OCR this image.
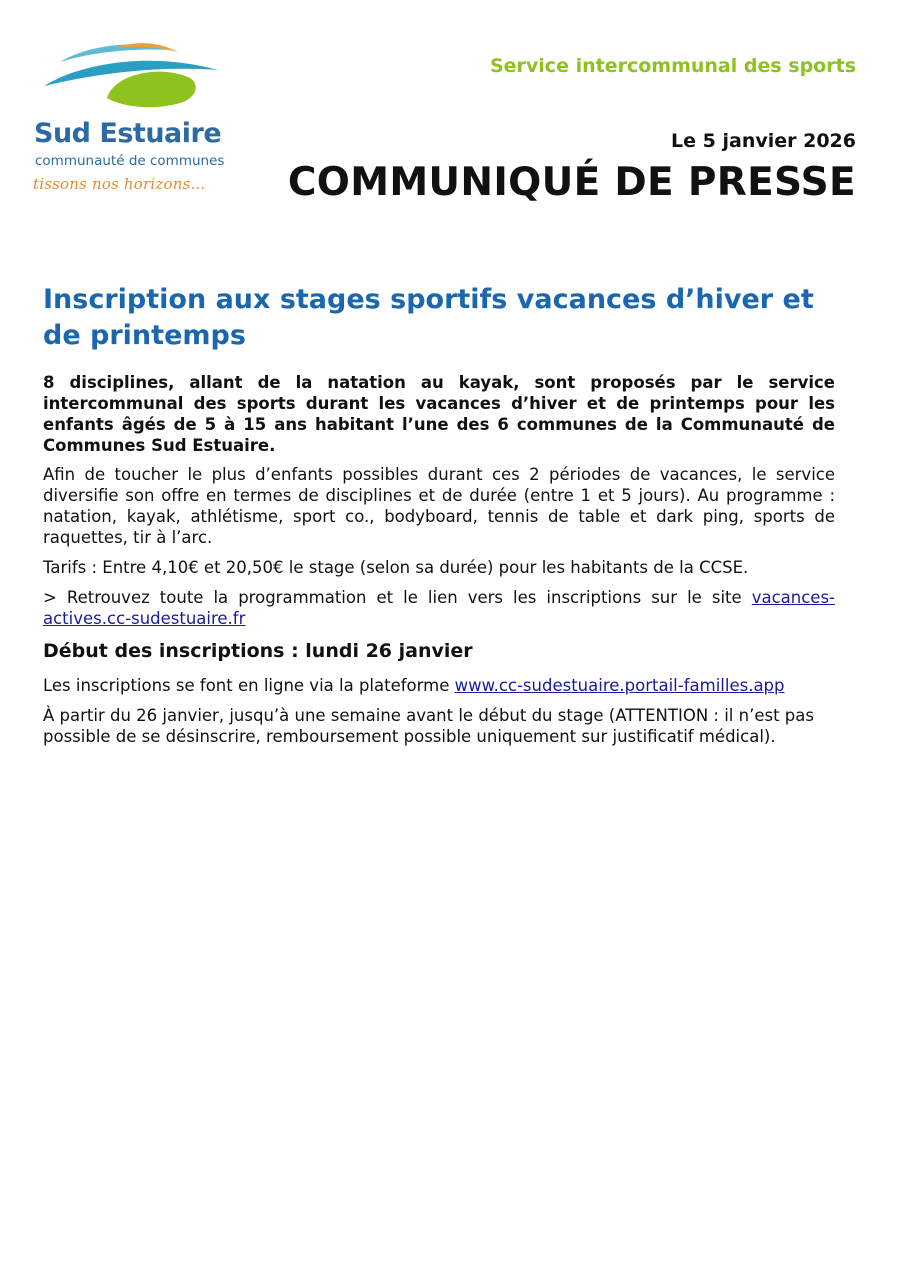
Sud Estuaire
communauté de communes
tissons nos horizons...

Service intercommunal des sports

Le 5 janvier 2026

COMMUNIQUÉ DE PRESSE
Inscription aux stages sportifs vacances d’hiver et de printemps

8 disciplines, allant de la natation au kayak, sont proposés par le service intercommunal des sports durant les vacances d’hiver et de printemps pour les enfants âgés de 5 à 15 ans habitant l’une des 6 communes de la Communauté de Communes Sud Estuaire.

Afin de toucher le plus d’enfants possibles durant ces 2 périodes de vacances, le service diversifie son offre en termes de disciplines et de durée (entre 1 et 5 jours). Au programme : natation, kayak, athlétisme, sport co., bodyboard, tennis de table et dark ping, sports de raquettes, tir à l’arc.

Tarifs : Entre 4,10€ et 20,50€ le stage (selon sa durée) pour les habitants de la CCSE.

> Retrouvez toute la programmation et le lien vers les inscriptions sur le site vacances-actives.cc-sudestuaire.fr

Début des inscriptions : lundi 26 janvier

Les inscriptions se font en ligne via la plateforme www.cc-sudestuaire.portail-familles.app

À partir du 26 janvier, jusqu’à une semaine avant le début du stage (ATTENTION : il n’est pas possible de se désinscrire, remboursement possible uniquement sur justificatif médical).
